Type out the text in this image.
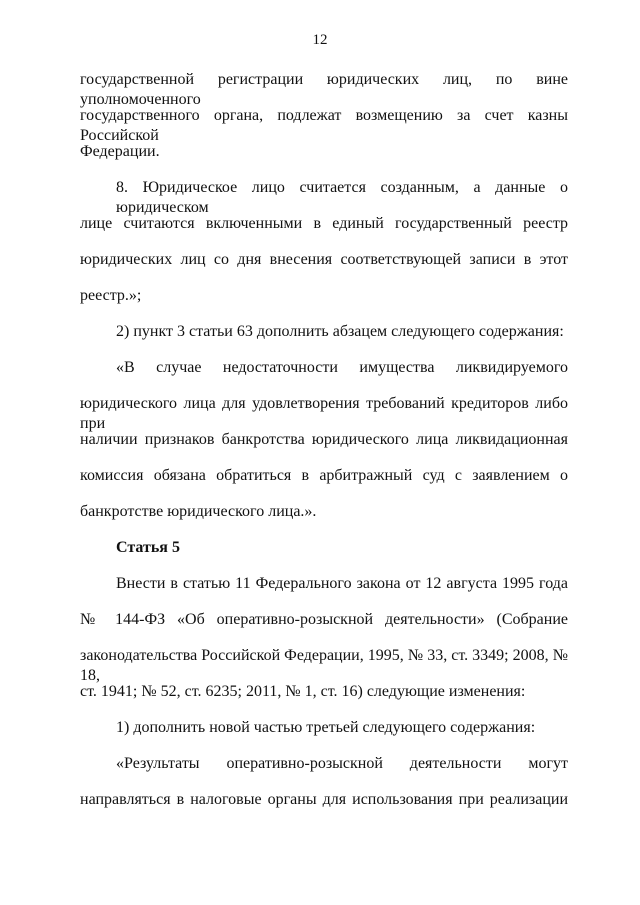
12
государственной регистрации юридических лиц, по вине уполномоченного
государственного органа, подлежат возмещению за счет казны Российской
Федерации.
8. Юридическое лицо считается созданным, а данные о юридическом
лице считаются включенными в единый государственный реестр
юридических лиц со дня внесения соответствующей записи в этот
реестр.»;
2) пункт 3 статьи 63 дополнить абзацем следующего содержания:
«В случае недостаточности имущества ликвидируемого
юридического лица для удовлетворения требований кредиторов либо при
наличии признаков банкротства юридического лица ликвидационная
комиссия обязана обратиться в арбитражный суд с заявлением о
банкротстве юридического лица.».
Статья 5
Внести в статью 11 Федерального закона от 12 августа 1995 года
№ 144-ФЗ «Об оперативно-розыскной деятельности» (Собрание
законодательства Российской Федерации, 1995, № 33, ст. 3349; 2008, № 18,
ст. 1941; № 52, ст. 6235; 2011, № 1, ст. 16) следующие изменения:
1) дополнить новой частью третьей следующего содержания:
«Результаты оперативно-розыскной деятельности могут
направляться в налоговые органы для использования при реализации
